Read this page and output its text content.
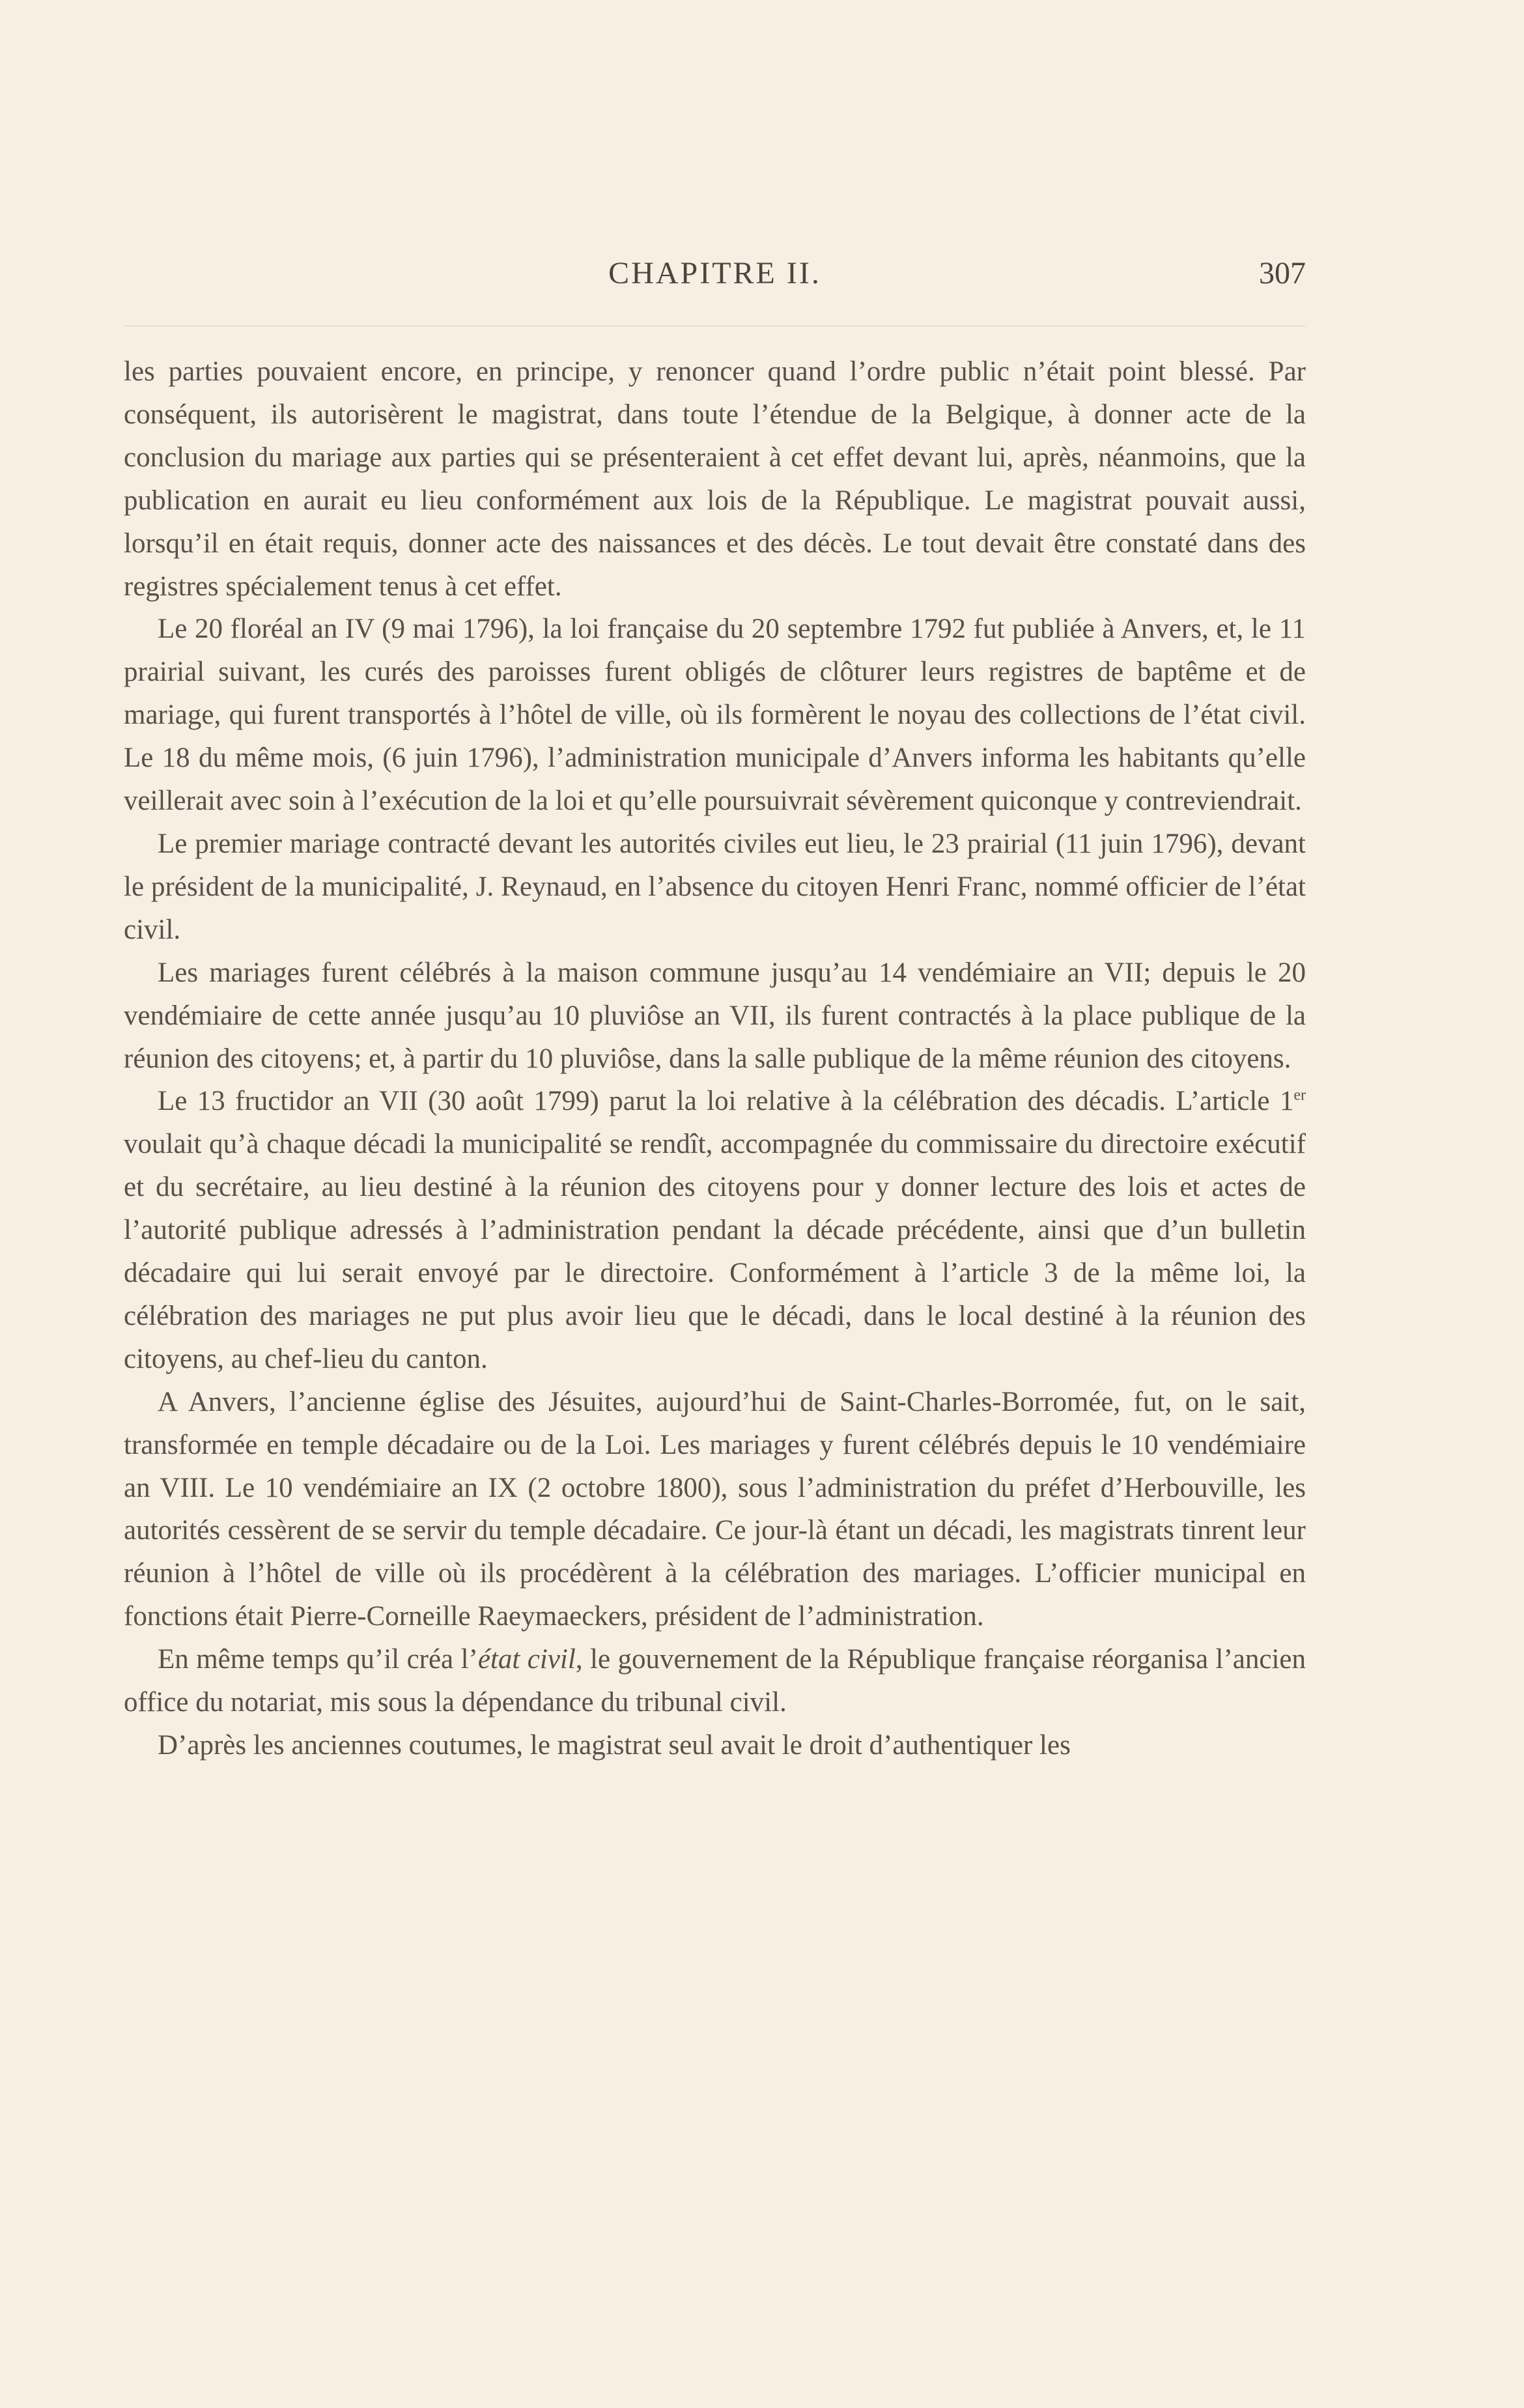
CHAPITRE II.	307

les parties pouvaient encore, en principe, y renoncer quand l’ordre public n’était point blessé. Par conséquent, ils autorisèrent le magistrat, dans toute l’étendue de la Belgique, à donner acte de la conclusion du mariage aux parties qui se présenteraient à cet effet devant lui, après, néanmoins, que la publication en aurait eu lieu conformément aux lois de la République. Le magistrat pouvait aussi, lorsqu’il en était requis, donner acte des naissances et des décès. Le tout devait être constaté dans des registres spécialement tenus à cet effet.

Le 20 floréal an IV (9 mai 1796), la loi française du 20 septembre 1792 fut publiée à Anvers, et, le 11 prairial suivant, les curés des paroisses furent obligés de clôturer leurs registres de baptême et de mariage, qui furent transportés à l’hôtel de ville, où ils formèrent le noyau des collections de l’état civil. Le 18 du même mois, (6 juin 1796), l’administration municipale d’Anvers informa les habitants qu’elle veillerait avec soin à l’exécution de la loi et qu’elle poursuivrait sévèrement quiconque y contreviendrait.

Le premier mariage contracté devant les autorités civiles eut lieu, le 23 prairial (11 juin 1796), devant le président de la municipalité, J. Reynaud, en l’absence du citoyen Henri Franc, nommé officier de l’état civil.

Les mariages furent célébrés à la maison commune jusqu’au 14 vendémiaire an VII; depuis le 20 vendémiaire de cette année jusqu’au 10 pluviôse an VII, ils furent contractés à la place publique de la réunion des citoyens; et, à partir du 10 pluviôse, dans la salle publique de la même réunion des citoyens.

Le 13 fructidor an VII (30 août 1799) parut la loi relative à la célébration des décadis. L’article 1er voulait qu’à chaque décadi la municipalité se rendît, accompagnée du commissaire du directoire exécutif et du secrétaire, au lieu destiné à la réunion des citoyens pour y donner lecture des lois et actes de l’autorité publique adressés à l’administration pendant la décade précédente, ainsi que d’un bulletin décadaire qui lui serait envoyé par le directoire. Conformément à l’article 3 de la même loi, la célébration des mariages ne put plus avoir lieu que le décadi, dans le local destiné à la réunion des citoyens, au chef-lieu du canton.

A Anvers, l’ancienne église des Jésuites, aujourd’hui de Saint-Charles-Borromée, fut, on le sait, transformée en temple décadaire ou de la Loi. Les mariages y furent célébrés depuis le 10 vendémiaire an VIII. Le 10 vendémiaire an IX (2 octobre 1800), sous l’administration du préfet d’Herbouville, les autorités cessèrent de se servir du temple décadaire. Ce jour-là étant un décadi, les magistrats tinrent leur réunion à l’hôtel de ville où ils procédèrent à la célébration des mariages. L’officier municipal en fonctions était Pierre-Corneille Raeymaeckers, président de l’administration.

En même temps qu’il créa l’état civil, le gouvernement de la République française réorganisa l’ancien office du notariat, mis sous la dépendance du tribunal civil.

D’après les anciennes coutumes, le magistrat seul avait le droit d’authentiquer les
